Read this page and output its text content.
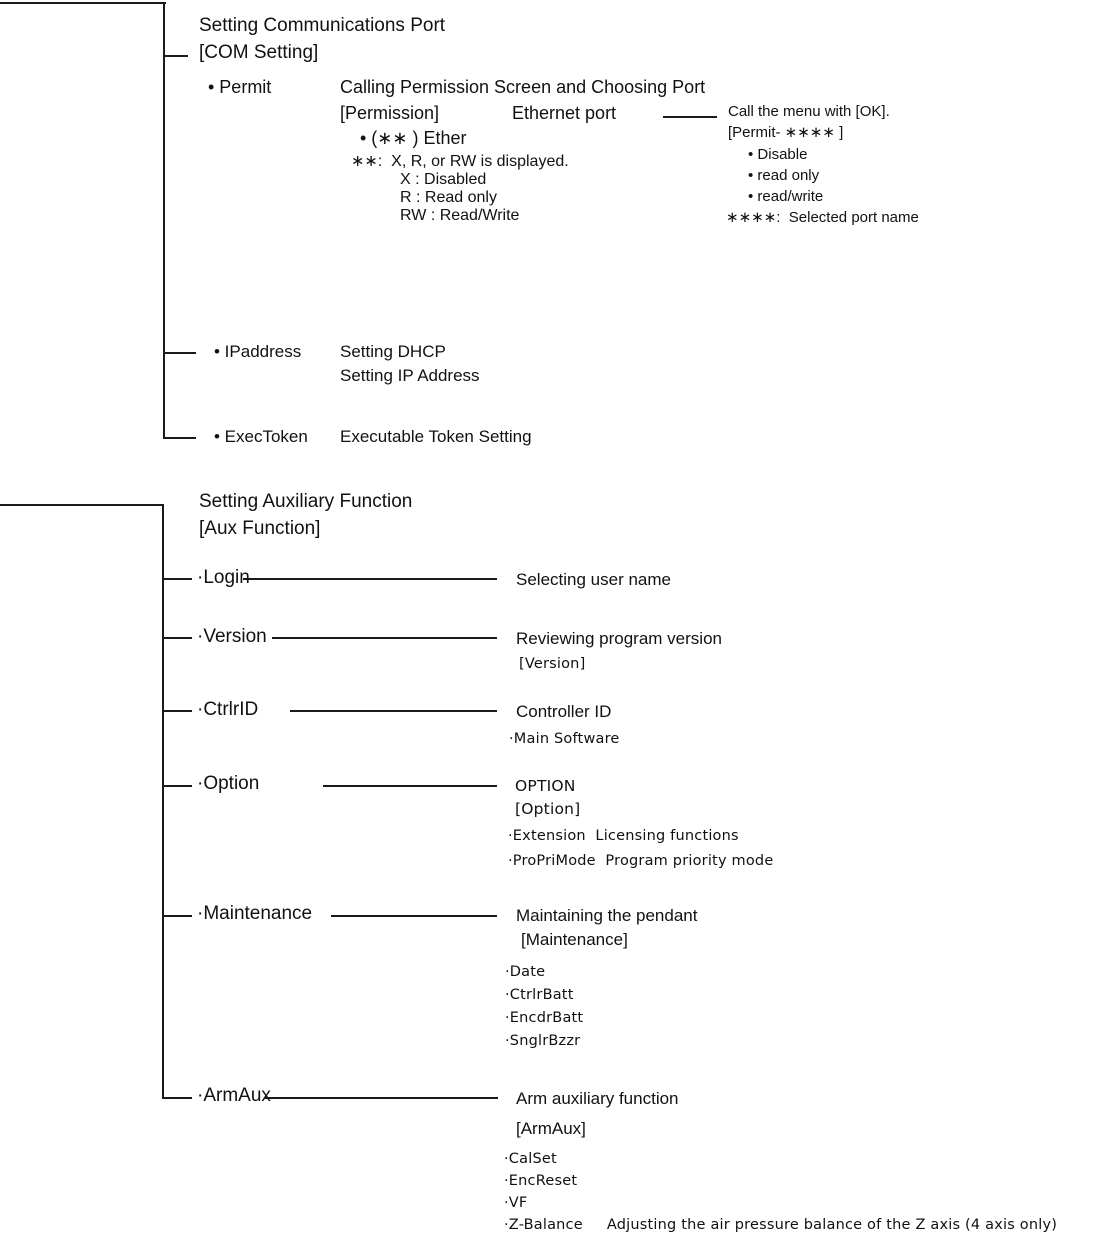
Setting Communications Port
[COM Setting]
• Permit	Calling Permission Screen and Choosing Port
[Permission]	Ethernet port
• (∗∗ ) Ether
∗∗:  X, R, or RW is displayed.
X : Disabled
R : Read only
RW : Read/Write
Call the menu with [OK].
[Permit- ∗∗∗∗ ]
• Disable
• read only
• read/write
∗∗∗∗:  Selected port name
• IPaddress Setting DHCP
Setting IP Address
• ExecToken Executable Token Setting
Setting Auxiliary Function
[Aux Function]
·Login	Selecting user name
·Version	Reviewing program version
[Version]
·CtrlrID	Controller ID
·Main Software
·Option	OPTION
[Option]
·Extension  Licensing functions
·ProPriMode  Program priority mode
·Maintenance	Maintaining the pendant
[Maintenance]
·Date
·CtrlrBatt
·EncdrBatt
·SnglrBzzr
·ArmAux	Arm auxiliary function
[ArmAux]
·CalSet
·EncReset
·VF
·Z-Balance     Adjusting the air pressure balance of the Z axis (4 axis only)
